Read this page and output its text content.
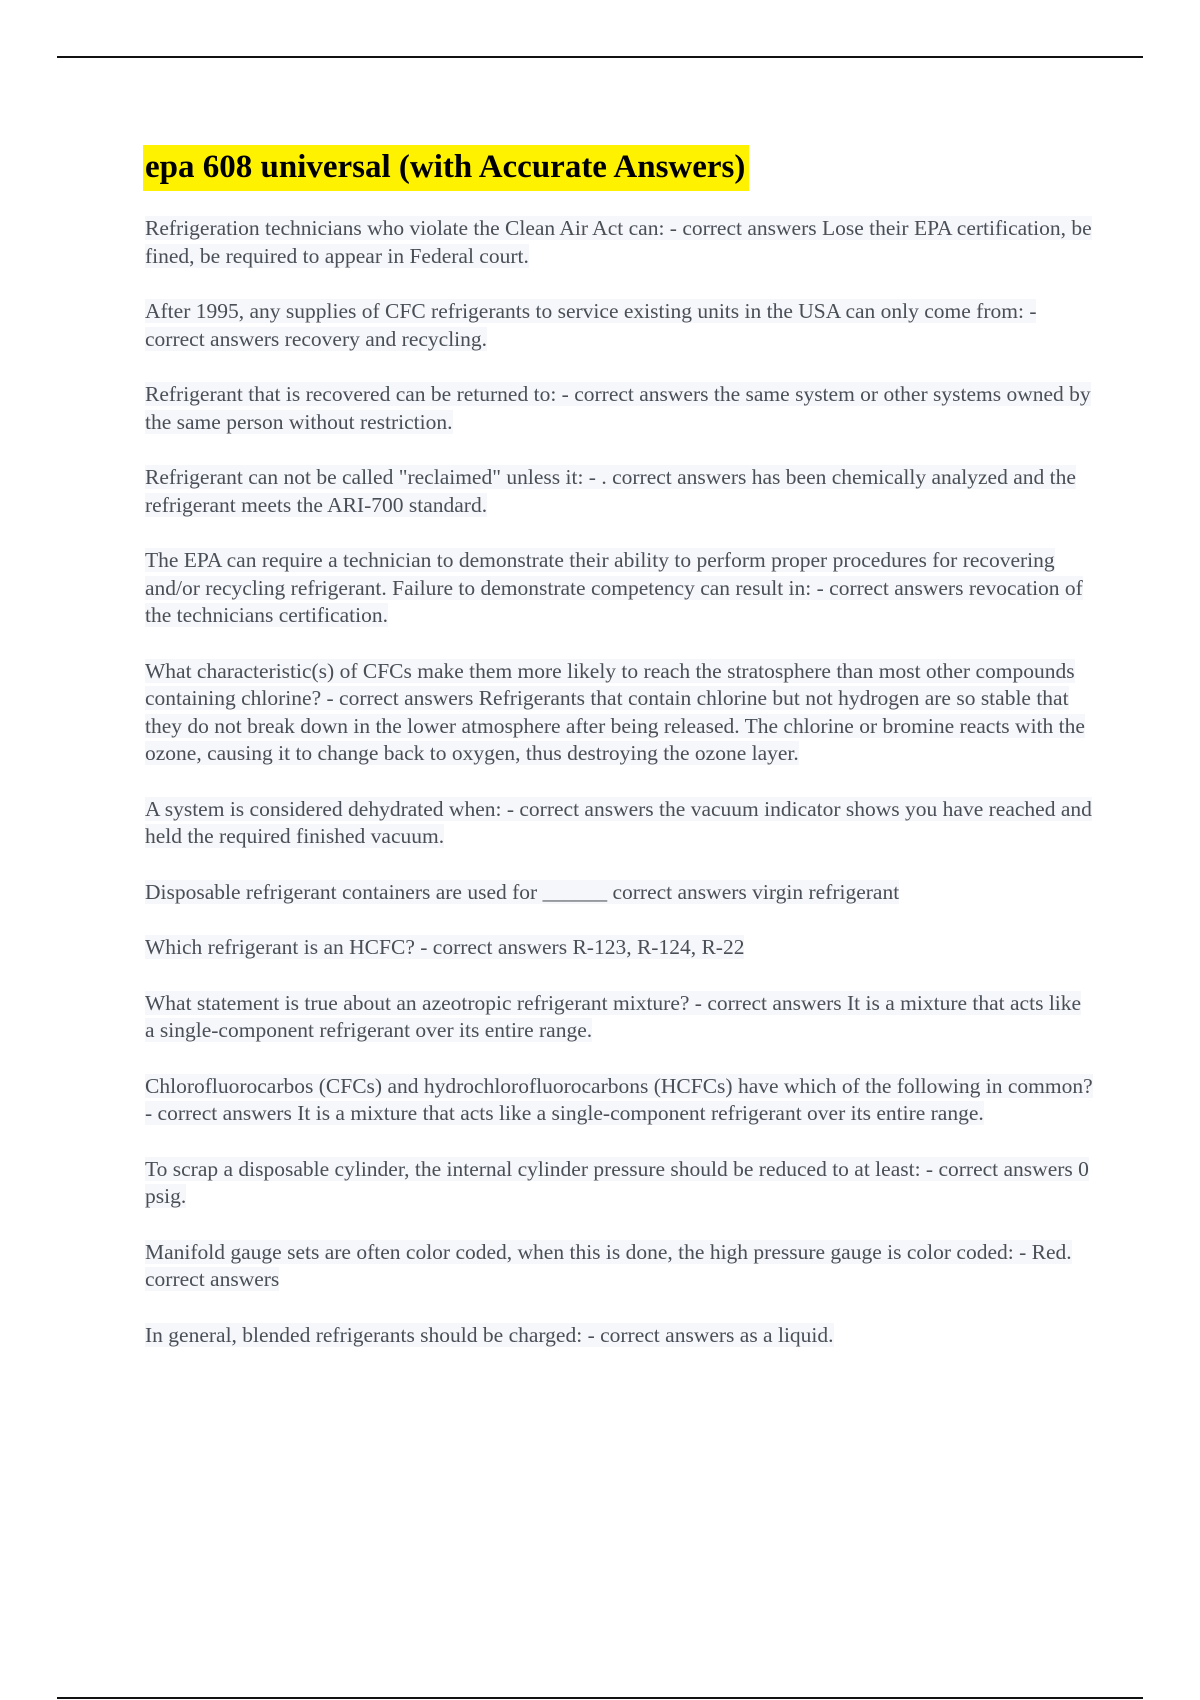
epa 608 universal (with Accurate Answers)

Refrigeration technicians who violate the Clean Air Act can: - correct answers Lose their EPA certification, be fined, be required to appear in Federal court.

After 1995, any supplies of CFC refrigerants to service existing units in the USA can only come from: - correct answers recovery and recycling.

Refrigerant that is recovered can be returned to: - correct answers the same system or other systems owned by the same person without restriction.

Refrigerant can not be called "reclaimed" unless it: - . correct answers has been chemically analyzed and the refrigerant meets the ARI-700 standard.

The EPA can require a technician to demonstrate their ability to perform proper procedures for recovering and/or recycling refrigerant. Failure to demonstrate competency can result in: - correct answers revocation of the technicians certification.

What characteristic(s) of CFCs make them more likely to reach the stratosphere than most other compounds containing chlorine? - correct answers Refrigerants that contain chlorine but not hydrogen are so stable that they do not break down in the lower atmosphere after being released. The chlorine or bromine reacts with the ozone, causing it to change back to oxygen, thus destroying the ozone layer.

A system is considered dehydrated when: - correct answers the vacuum indicator shows you have reached and held the required finished vacuum.

Disposable refrigerant containers are used for ______ correct answers virgin refrigerant

Which refrigerant is an HCFC? - correct answers R-123, R-124, R-22

What statement is true about an azeotropic refrigerant mixture? - correct answers It is a mixture that acts like a single-component refrigerant over its entire range.

Chlorofluorocarbos (CFCs) and hydrochlorofluorocarbons (HCFCs) have which of the following in common? - correct answers It is a mixture that acts like a single-component refrigerant over its entire range.

To scrap a disposable cylinder, the internal cylinder pressure should be reduced to at least: - correct answers 0 psig.

Manifold gauge sets are often color coded, when this is done, the high pressure gauge is color coded: - Red. correct answers

In general, blended refrigerants should be charged: - correct answers as a liquid.
